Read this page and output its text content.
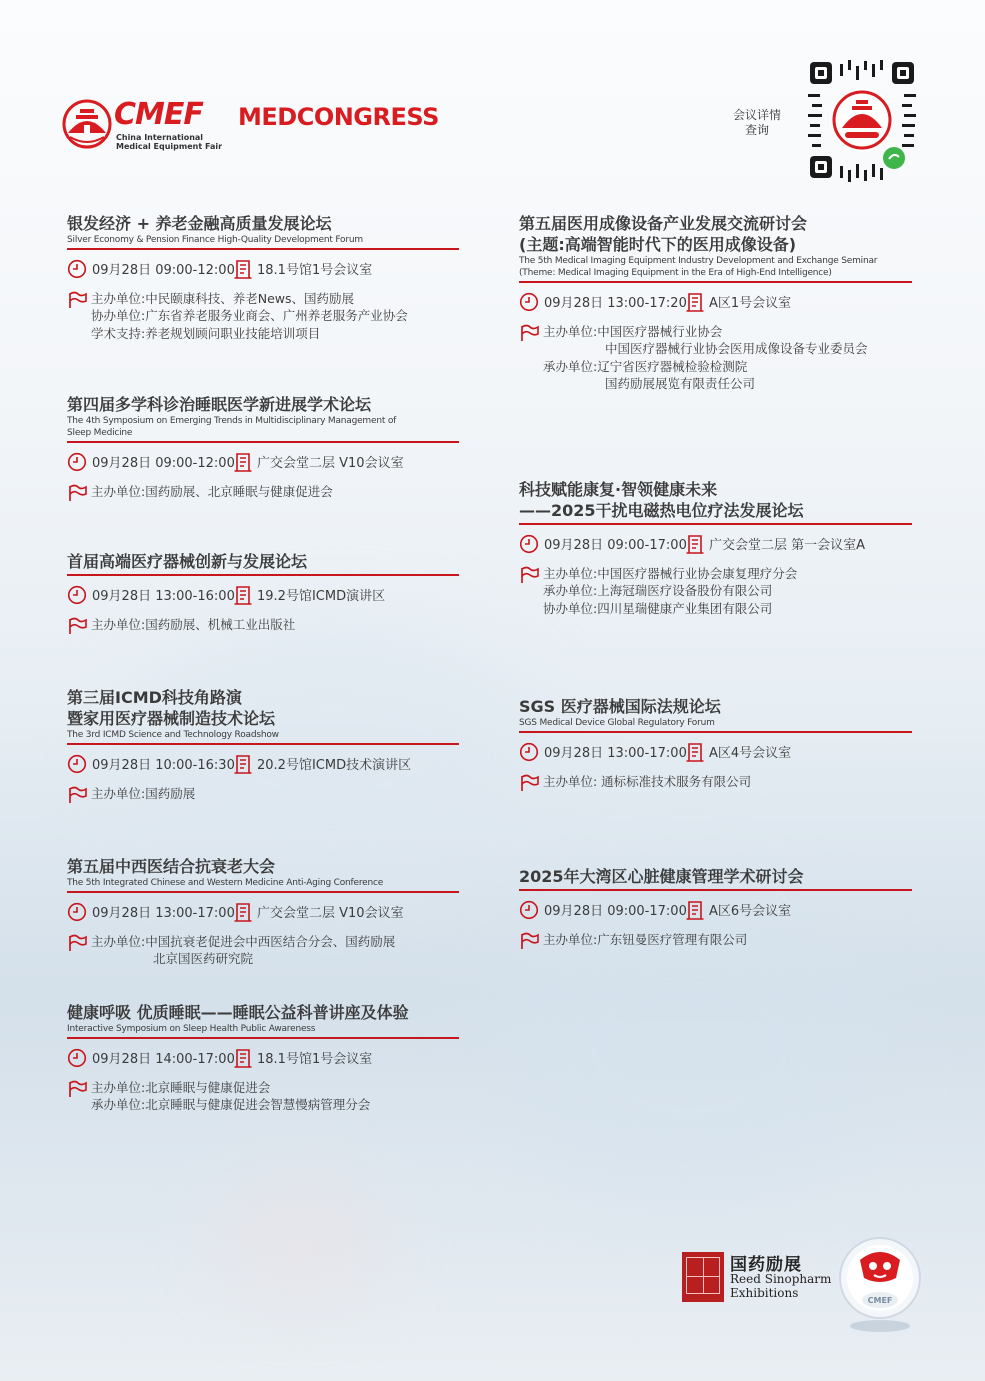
CMEF
China International
Medical Equipment Fair
MEDCONGRESS	会议详情
查询
银发经济 + 养老金融高质量发展论坛
Silver Economy & Pension Finance High-Quality Development Forum
09月28日 09:00-12:00 18.1号馆1号会议室
主办单位:中民颐康科技、养老News、国药励展
协办单位:广东省养老服务业商会、广州养老服务产业协会
学术支持:养老规划顾问职业技能培训项目
第四届多学科诊治睡眠医学新进展学术论坛
The 4th Symposium on Emerging Trends in Multidisciplinary Management of
Sleep Medicine
09月28日 09:00-12:00 广交会堂二层 V10会议室
主办单位:国药励展、北京睡眠与健康促进会
首届高端医疗器械创新与发展论坛
09月28日 13:00-16:00 19.2号馆ICMD演讲区
主办单位:国药励展、机械工业出版社
第三届ICMD科技角路演
暨家用医疗器械制造技术论坛
The 3rd ICMD Science and Technology Roadshow
09月28日 10:00-16:30 20.2号馆ICMD技术演讲区
主办单位:国药励展
第五届中西医结合抗衰老大会
The 5th Integrated Chinese and Western Medicine Anti-Aging Conference
09月28日 13:00-17:00 广交会堂二层 V10会议室
主办单位:中国抗衰老促进会中西医结合分会、国药励展
北京国医药研究院
健康呼吸 优质睡眠——睡眠公益科普讲座及体验
Interactive Symposium on Sleep Health Public Awareness
09月28日 14:00-17:00 18.1号馆1号会议室
主办单位:北京睡眠与健康促进会
承办单位:北京睡眠与健康促进会智慧慢病管理分会
第五届医用成像设备产业发展交流研讨会
(主题:高端智能时代下的医用成像设备)
The 5th Medical Imaging Equipment Industry Development and Exchange Seminar
(Theme: Medical Imaging Equipment in the Era of High-End Intelligence)
09月28日 13:00-17:20 A区1号会议室
主办单位:中国医疗器械行业协会
中国医疗器械行业协会医用成像设备专业委员会
承办单位:辽宁省医疗器械检验检测院
国药励展展览有限责任公司
科技赋能康复·智领健康未来
——2025干扰电磁热电位疗法发展论坛
09月28日 09:00-17:00 广交会堂二层 第一会议室A
主办单位:中国医疗器械行业协会康复理疗分会
承办单位:上海冠瑞医疗设备股份有限公司
协办单位:四川星瑞健康产业集团有限公司
SGS 医疗器械国际法规论坛
SGS Medical Device Global Regulatory Forum
09月28日 13:00-17:00 A区4号会议室
主办单位: 通标标准技术服务有限公司
2025年大湾区心脏健康管理学术研讨会
09月28日 09:00-17:00 A区6号会议室
主办单位:广东钮曼医疗管理有限公司
国药励展
Reed Sinopharm
Exhibitions
CMEF
